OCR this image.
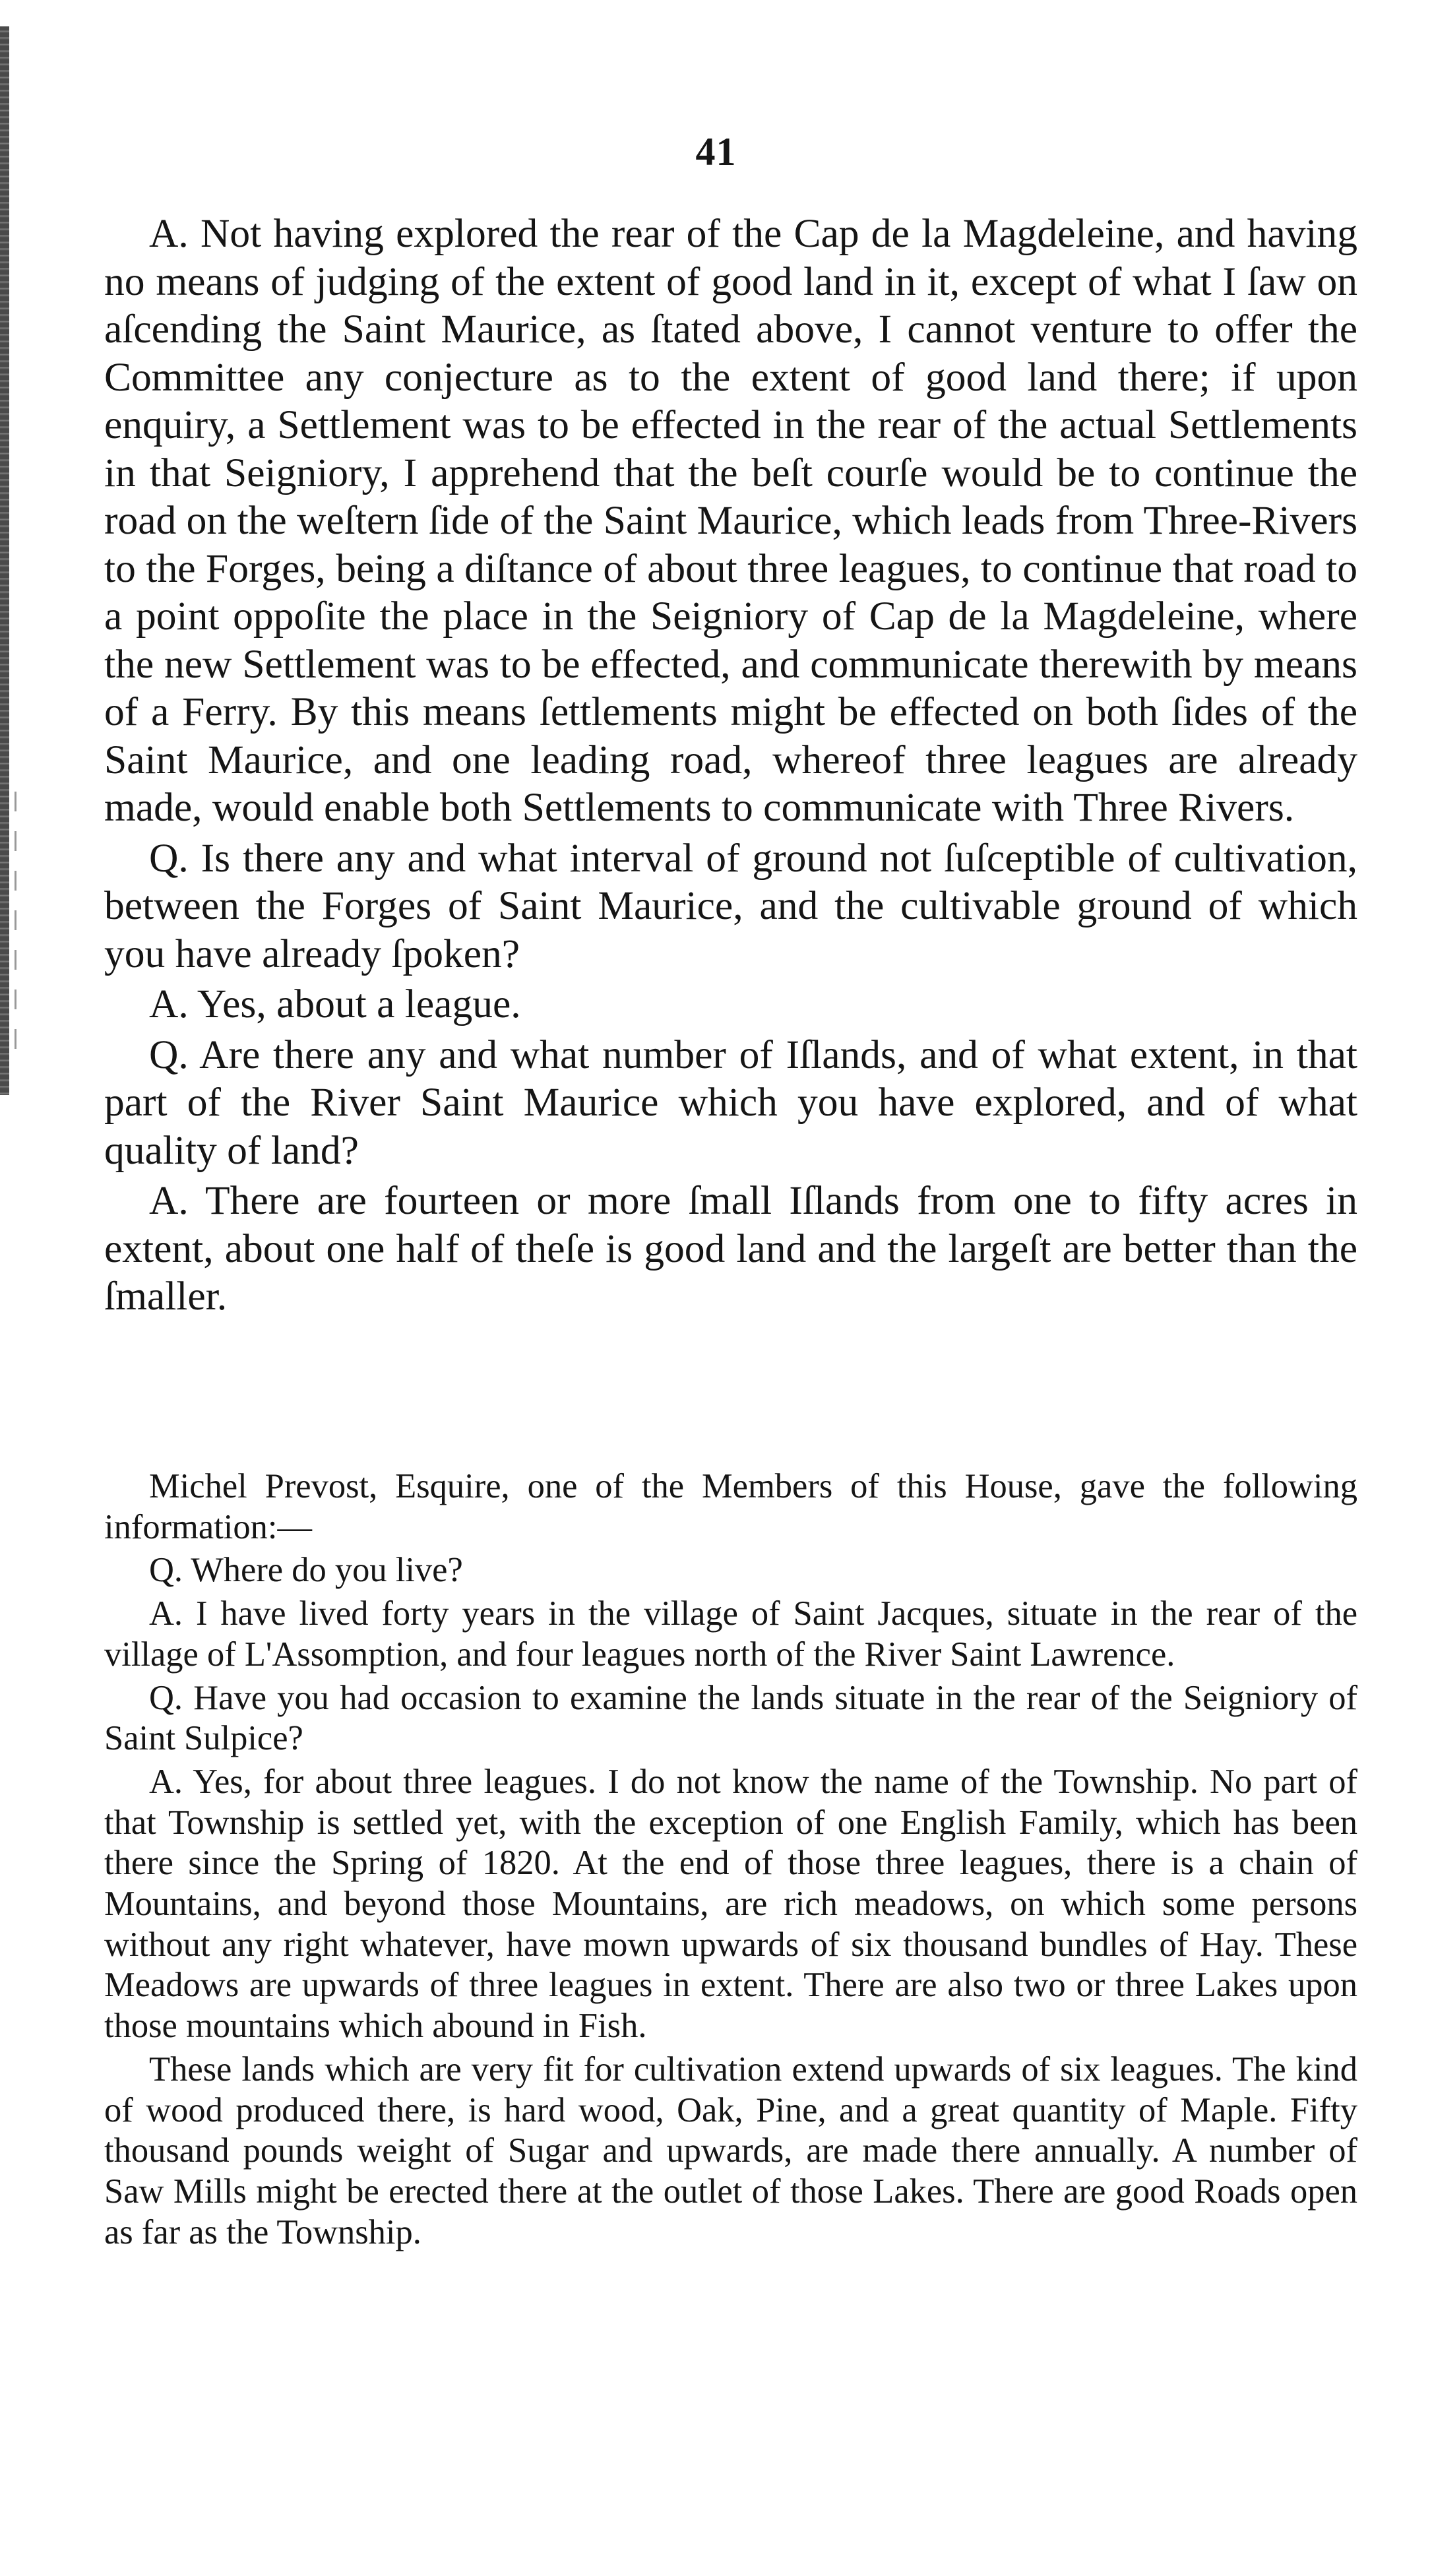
41

A. Not having explored the rear of the Cap de la Magdeleine, and having no means of judging of the extent of good land in it, except of what I ſaw on aſcending the Saint Maurice, as ſtated above, I cannot venture to offer the Committee any conjecture as to the extent of good land there; if upon enquiry, a Settlement was to be effected in the rear of the actual Settlements in that Seigniory, I apprehend that the beſt courſe would be to continue the road on the weſtern ſide of the Saint Maurice, which leads from Three-Rivers to the Forges, being a diſtance of about three leagues, to continue that road to a point oppoſite the place in the Seigniory of Cap de la Magdeleine, where the new Settlement was to be effected, and communicate therewith by means of a Ferry. By this means ſettlements might be effected on both ſides of the Saint Maurice, and one leading road, whereof three leagues are already made, would enable both Settlements to communicate with Three Rivers.

Q. Is there any and what interval of ground not ſuſceptible of cultivation, between the Forges of Saint Maurice, and the cultivable ground of which you have already ſpoken?

A. Yes, about a league.

Q. Are there any and what number of Iſlands, and of what extent, in that part of the River Saint Maurice which you have explored, and of what quality of land?

A. There are fourteen or more ſmall Iſlands from one to fifty acres in extent, about one half of theſe is good land and the largeſt are better than the ſmaller.

Michel Prevost, Esquire, one of the Members of this House, gave the following information:—

Q. Where do you live?

A. I have lived forty years in the village of Saint Jacques, situate in the rear of the village of L'Assomption, and four leagues north of the River Saint Lawrence.

Q. Have you had occasion to examine the lands situate in the rear of the Seigniory of Saint Sulpice?

A. Yes, for about three leagues. I do not know the name of the Township. No part of that Township is settled yet, with the exception of one English Family, which has been there since the Spring of 1820. At the end of those three leagues, there is a chain of Mountains, and beyond those Mountains, are rich meadows, on which some persons without any right whatever, have mown upwards of six thousand bundles of Hay. These Meadows are upwards of three leagues in extent. There are also two or three Lakes upon those mountains which abound in Fish.

These lands which are very fit for cultivation extend upwards of six leagues. The kind of wood produced there, is hard wood, Oak, Pine, and a great quantity of Maple. Fifty thousand pounds weight of Sugar and upwards, are made there annually. A number of Saw Mills might be erected there at the outlet of those Lakes. There are good Roads open as far as the Township.
